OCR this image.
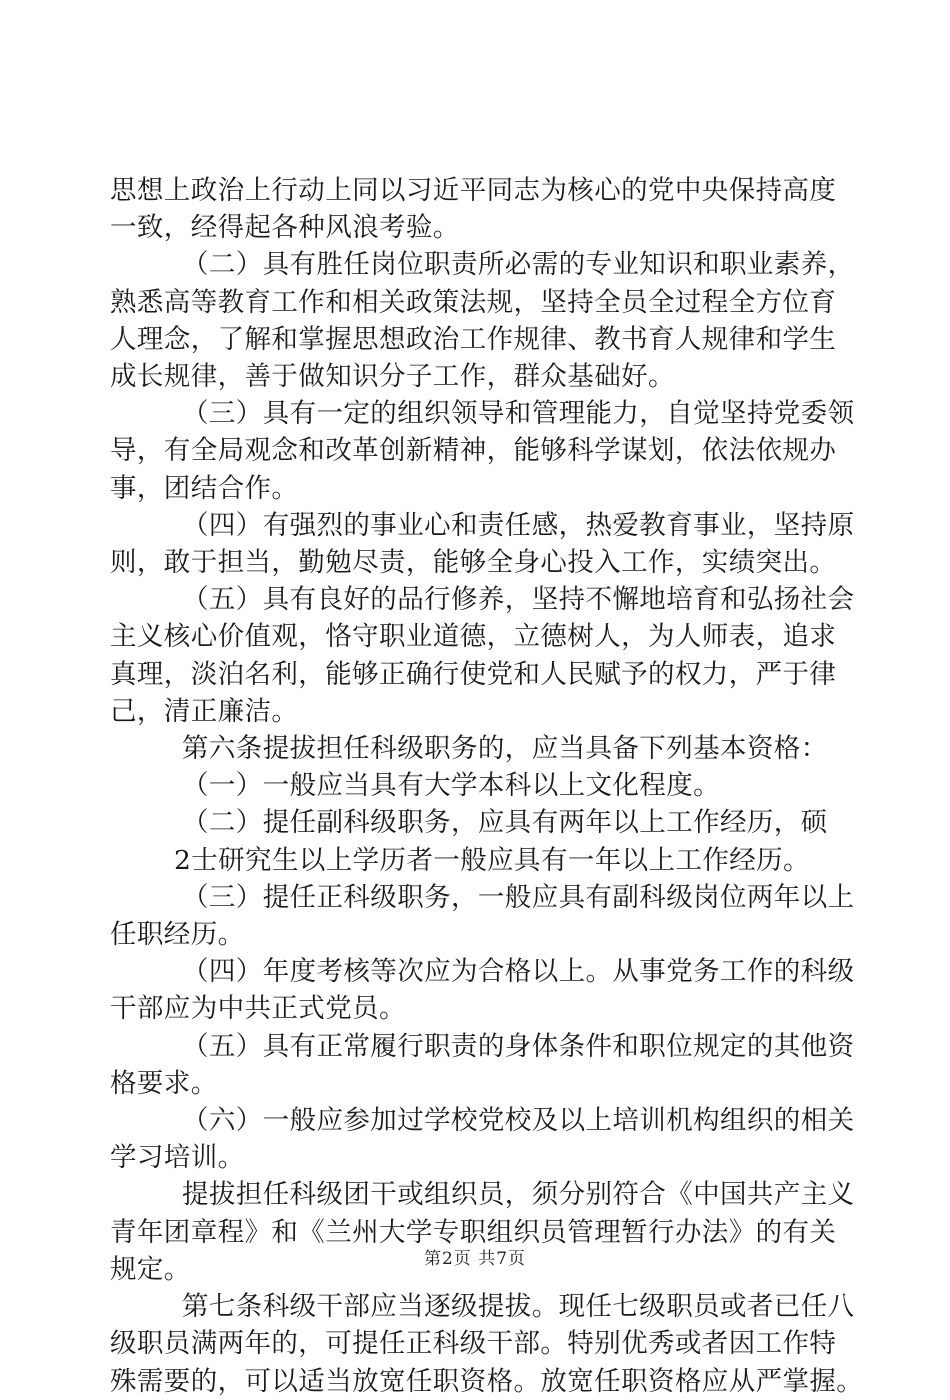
思想上政治上行动上同以习近平同志为核心的党中央保持高度
一致，经得起各种风浪考验。
（二）具有胜任岗位职责所必需的专业知识和职业素养，
熟悉高等教育工作和相关政策法规，坚持全员全过程全方位育
人理念，了解和掌握思想政治工作规律、教书育人规律和学生
成长规律，善于做知识分子工作，群众基础好。
（三）具有一定的组织领导和管理能力，自觉坚持党委领
导，有全局观念和改革创新精神，能够科学谋划，依法依规办
事，团结合作。
（四）有强烈的事业心和责任感，热爱教育事业，坚持原
则，敢于担当，勤勉尽责，能够全身心投入工作，实绩突出。
（五）具有良好的品行修养，坚持不懈地培育和弘扬社会
主义核心价值观，恪守职业道德，立德树人，为人师表，追求
真理，淡泊名利，能够正确行使党和人民赋予的权力，严于律
己，清正廉洁。
第六条提拔担任科级职务的，应当具备下列基本资格：
（一）一般应当具有大学本科以上文化程度。
（二）提任副科级职务，应具有两年以上工作经历，硕
2士研究生以上学历者一般应具有一年以上工作经历。
（三）提任正科级职务，一般应具有副科级岗位两年以上
任职经历。
（四）年度考核等次应为合格以上。从事党务工作的科级
干部应为中共正式党员。
（五）具有正常履行职责的身体条件和职位规定的其他资
格要求。
（六）一般应参加过学校党校及以上培训机构组织的相关
学习培训。
提拔担任科级团干或组织员，须分别符合《中国共产主义
青年团章程》和《兰州大学专职组织员管理暂行办法》的有关
规定。
第七条科级干部应当逐级提拔。现任七级职员或者已任八
级职员满两年的，可提任正科级干部。特别优秀或者因工作特
殊需要的，可以适当放宽任职资格。放宽任职资格应从严掌握。
第2页 共7页
